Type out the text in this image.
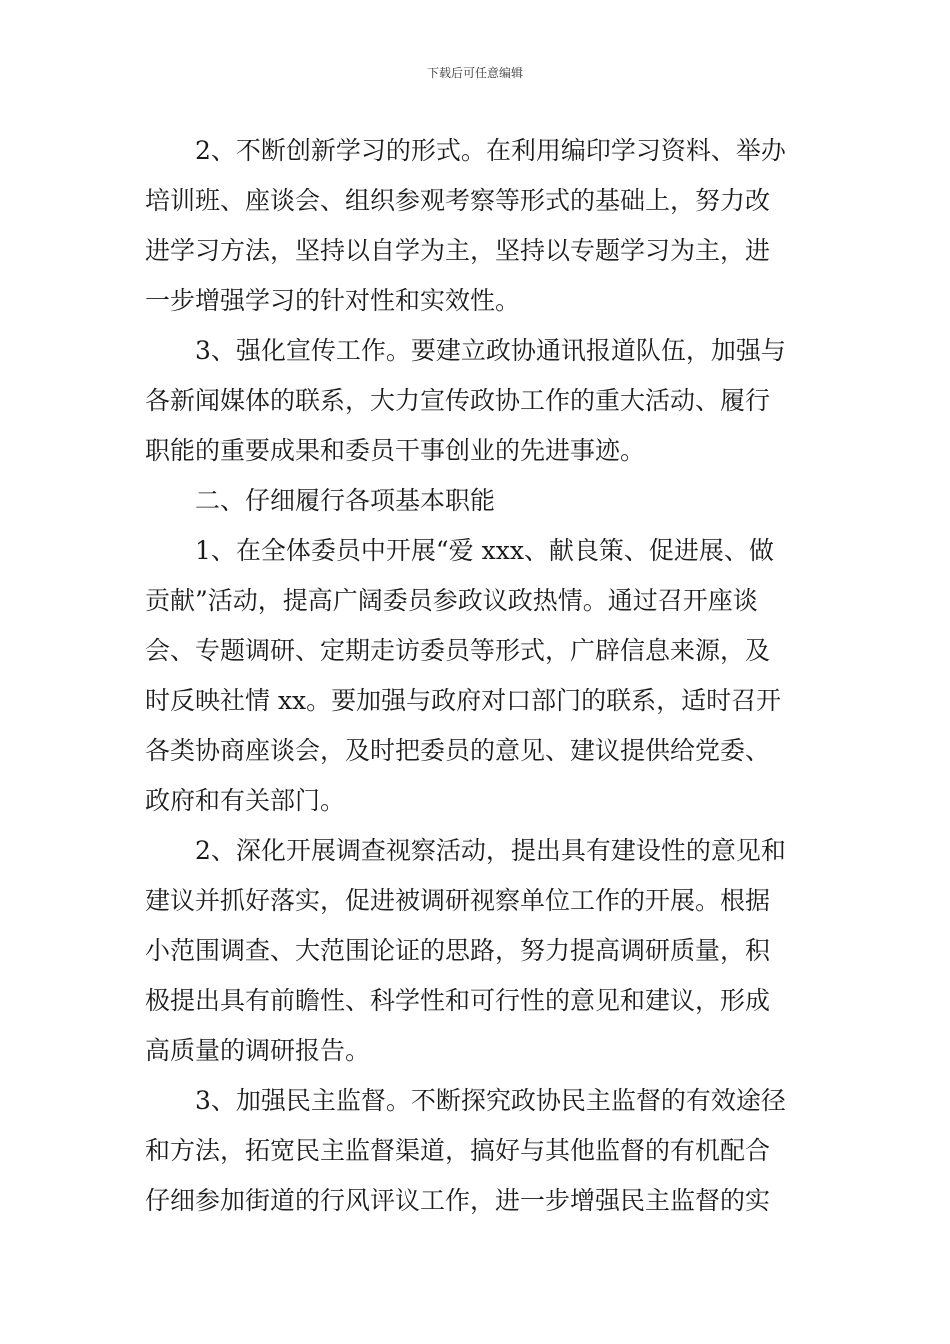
下载后可任意编辑
2、不断创新学习的形式。在利用编印学习资料、举办
培训班、座谈会、组织参观考察等形式的基础上，努力改
进学习方法，坚持以自学为主，坚持以专题学习为主，进
一步增强学习的针对性和实效性。
3、强化宣传工作。要建立政协通讯报道队伍，加强与
各新闻媒体的联系，大力宣传政协工作的重大活动、履行
职能的重要成果和委员干事创业的先进事迹。
二、仔细履行各项基本职能
1、在全体委员中开展“爱 xxx、献良策、促进展、做
贡献”活动，提高广阔委员参政议政热情。通过召开座谈
会、专题调研、定期走访委员等形式，广辟信息来源，及
时反映社情 xx。要加强与政府对口部门的联系，适时召开
各类协商座谈会，及时把委员的意见、建议提供给党委、
政府和有关部门。
2、深化开展调查视察活动，提出具有建设性的意见和
建议并抓好落实，促进被调研视察单位工作的开展。根据
小范围调查、大范围论证的思路，努力提高调研质量，积
极提出具有前瞻性、科学性和可行性的意见和建议，形成
高质量的调研报告。
3、加强民主监督。不断探究政协民主监督的有效途径
和方法，拓宽民主监督渠道，搞好与其他监督的有机配合
仔细参加街道的行风评议工作，进一步增强民主监督的实
